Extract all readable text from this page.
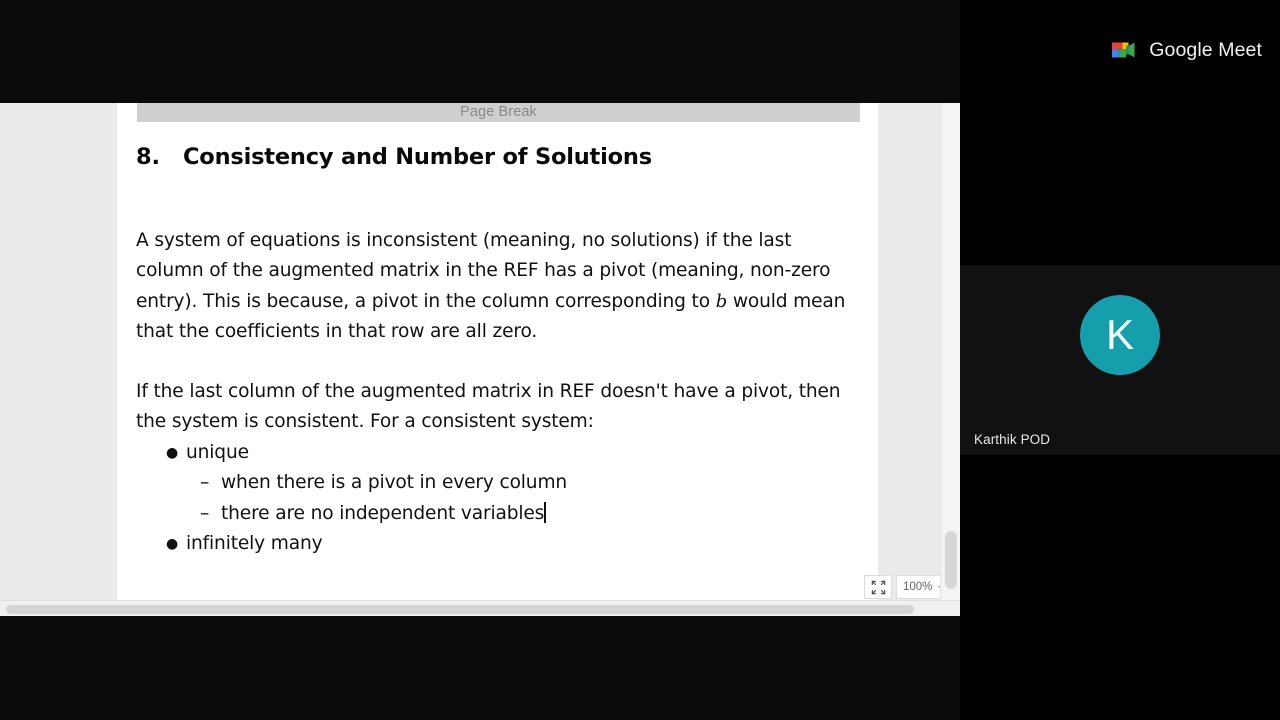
Page Break
8. Consistency and Number of Solutions
A system of equations is inconsistent (meaning, no solutions) if the last column of the augmented matrix in the REF has a pivot (meaning, non-zero entry). This is because, a pivot in the column corresponding to b would mean that the coefficients in that row are all zero.
If the last column of the augmented matrix in REF doesn't have a pivot, then the system is consistent. For a consistent system:
● unique
– when there is a pivot in every column
– there are no independent variables
● infinitely many
100%
Google Meet
K
Karthik POD
